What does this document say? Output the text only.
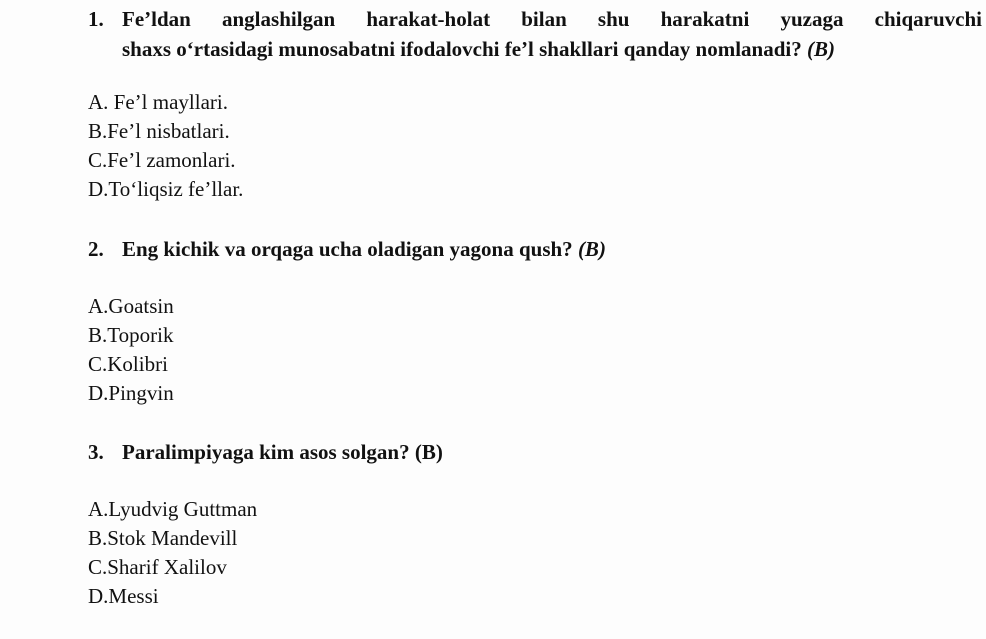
1. Fe’ldan anglashilgan harakat-holat bilan shu harakatni yuzaga chiqaruvchi
shaxs o‘rtasidagi munosabatni ifodalovchi fe’l shakllari qanday nomlanadi? (B)
A. Fe’l mayllari.
B.Fe’l nisbatlari.
C.Fe’l zamonlari.
D.To‘liqsiz fe’llar.
2. Eng kichik va orqaga ucha oladigan yagona qush? (B)
A.Goatsin
B.Toporik
C.Kolibri
D.Pingvin
3. Paralimpiyaga kim asos solgan? (B)
A.Lyudvig Guttman
B.Stok Mandevill
C.Sharif Xalilov
D.Messi
